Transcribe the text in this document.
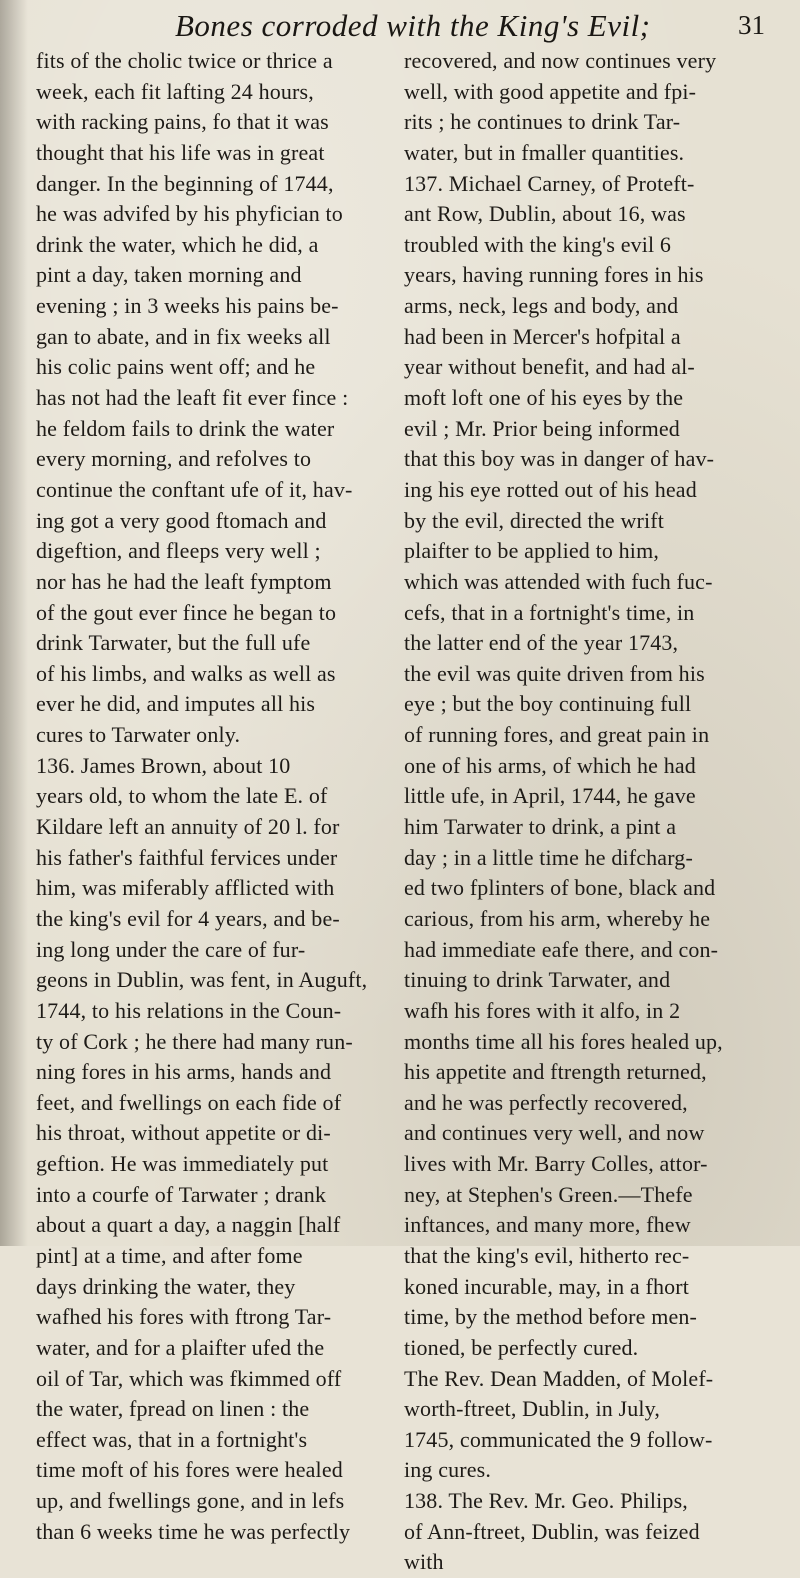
Bones corroded with the King's Evil;	31
fits of the cholic twice or thrice a
week, each fit lafting 24 hours,
with racking pains, fo that it was
thought that his life was in great
danger. In the beginning of 1744,
he was advifed by his phyfician to
drink the water, which he did, a
pint a day, taken morning and
evening ; in 3 weeks his pains be-
gan to abate, and in fix weeks all
his colic pains went off; and he
has not had the leaft fit ever fince :
he feldom fails to drink the water
every morning, and refolves to
continue the conftant ufe of it, hav-
ing got a very good ftomach and
digeftion, and fleeps very well ;
nor has he had the leaft fymptom
of the gout ever fince he began to
drink Tarwater, but the full ufe
of his limbs, and walks as well as
ever he did, and imputes all his
cures to Tarwater only.
136. James Brown, about 10
years old, to whom the late E. of
Kildare left an annuity of 20 l. for
his father's faithful fervices under
him, was miferably afflicted with
the king's evil for 4 years, and be-
ing long under the care of fur-
geons in Dublin, was fent, in Auguft,
1744, to his relations in the Coun-
ty of Cork ; he there had many run-
ning fores in his arms, hands and
feet, and fwellings on each fide of
his throat, without appetite or di-
geftion. He was immediately put
into a courfe of Tarwater ; drank
about a quart a day, a naggin [half
pint] at a time, and after fome
days drinking the water, they
wafhed his fores with ftrong Tar-
water, and for a plaifter ufed the
oil of Tar, which was fkimmed off
the water, fpread on linen : the
effect was, that in a fortnight's
time moft of his fores were healed
up, and fwellings gone, and in lefs
than 6 weeks time he was perfectly
recovered, and now continues very
well, with good appetite and fpi-
rits ; he continues to drink Tar-
water, but in fmaller quantities.
137. Michael Carney, of Proteft-
ant Row, Dublin, about 16, was
troubled with the king's evil 6
years, having running fores in his
arms, neck, legs and body, and
had been in Mercer's hofpital a
year without benefit, and had al-
moft loft one of his eyes by the
evil ; Mr. Prior being informed
that this boy was in danger of hav-
ing his eye rotted out of his head
by the evil, directed the wrift
plaifter to be applied to him,
which was attended with fuch fuc-
cefs, that in a fortnight's time, in
the latter end of the year 1743,
the evil was quite driven from his
eye ; but the boy continuing full
of running fores, and great pain in
one of his arms, of which he had
little ufe, in April, 1744, he gave
him Tarwater to drink, a pint a
day ; in a little time he difcharg-
ed two fplinters of bone, black and
carious, from his arm, whereby he
had immediate eafe there, and con-
tinuing to drink Tarwater, and
wafh his fores with it alfo, in 2
months time all his fores healed up,
his appetite and ftrength returned,
and he was perfectly recovered,
and continues very well, and now
lives with Mr. Barry Colles, attor-
ney, at Stephen's Green.—Thefe
inftances, and many more, fhew
that the king's evil, hitherto rec-
koned incurable, may, in a fhort
time, by the method before men-
tioned, be perfectly cured.
The Rev. Dean Madden, of Molef-
worth-ftreet, Dublin, in July,
1745, communicated the 9 follow-
ing cures.
138. The Rev. Mr. Geo. Philips,
of Ann-ftreet, Dublin, was feized
with
